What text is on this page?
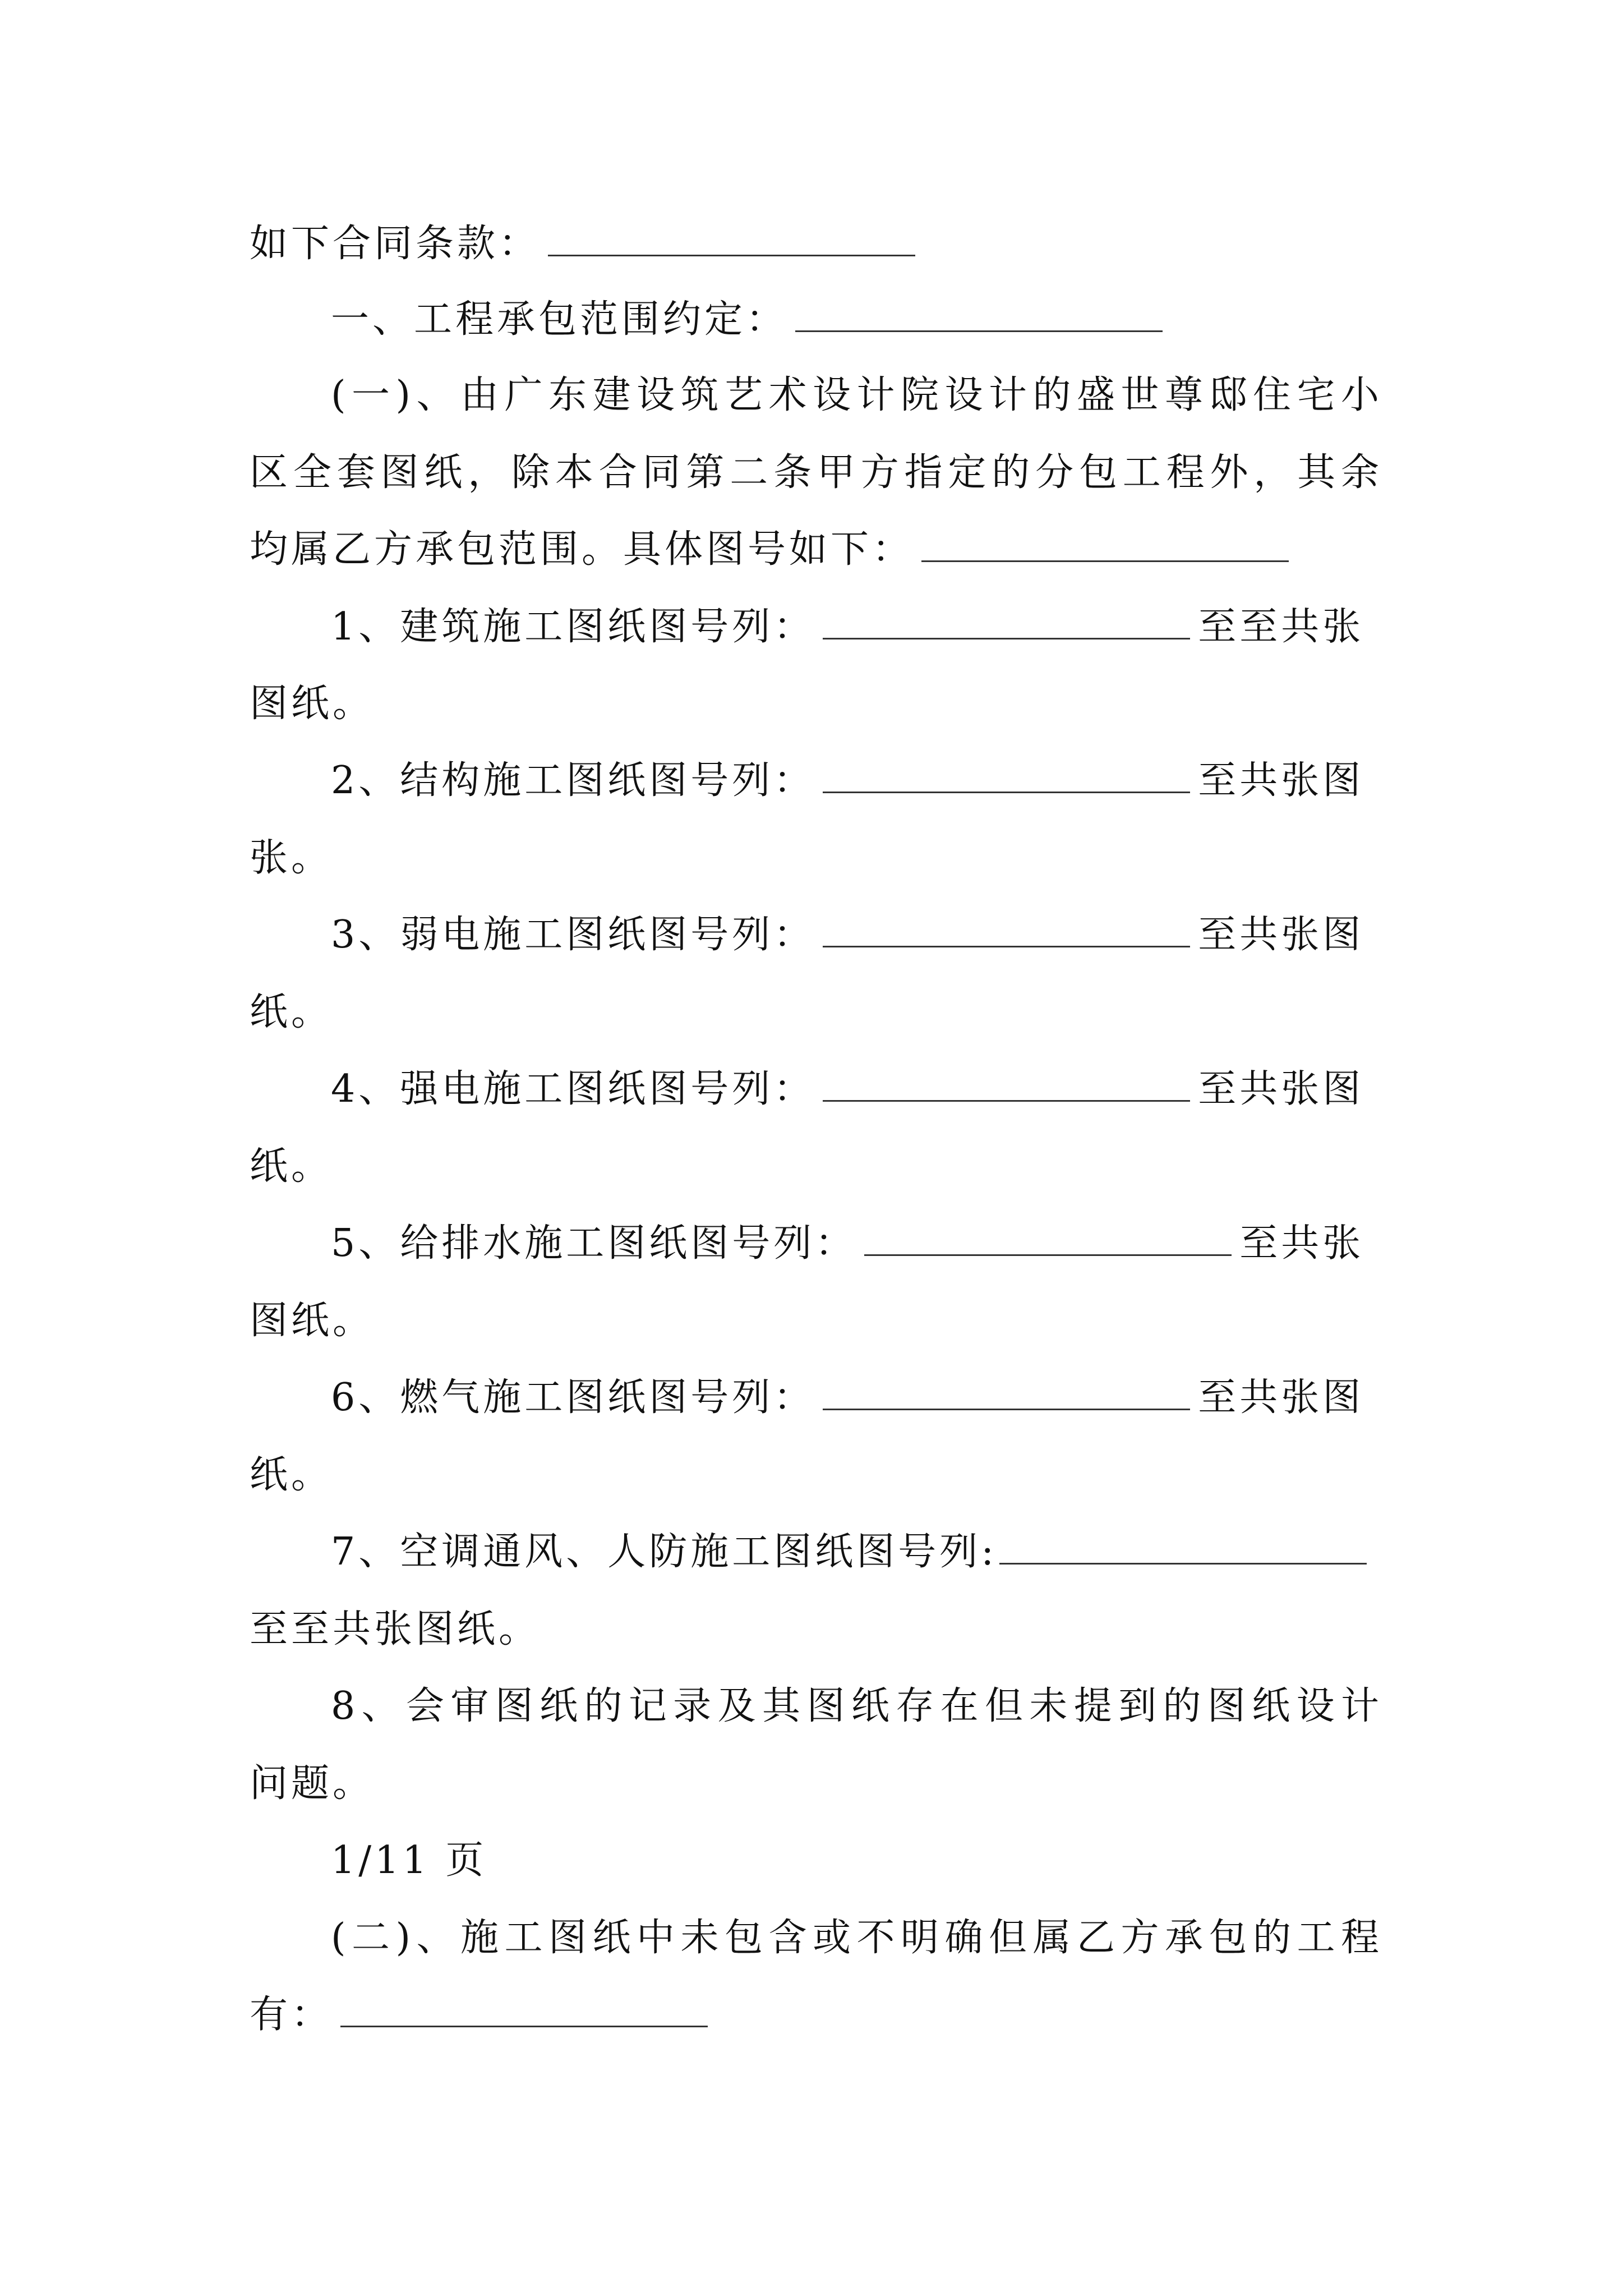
如下合同条款：
一、工程承包范围约定：
(一)、由广东建设筑艺术设计院设计的盛世尊邸住宅小
区全套图纸，除本合同第二条甲方指定的分包工程外，其余
均属乙方承包范围。具体图号如下：
1、建筑施工图纸图号列：	至至共张
图纸。
2、结构施工图纸图号列：	至共张图
张。
3、弱电施工图纸图号列：	至共张图
纸。
4、强电施工图纸图号列：	至共张图
纸。
5、给排水施工图纸图号列：	至共张
图纸。
6、燃气施工图纸图号列：	至共张图
纸。
7、空调通风、人防施工图纸图号列:
至至共张图纸。
8、会审图纸的记录及其图纸存在但未提到的图纸设计
问题。
1/11 页
(二)、施工图纸中未包含或不明确但属乙方承包的工程
有：
